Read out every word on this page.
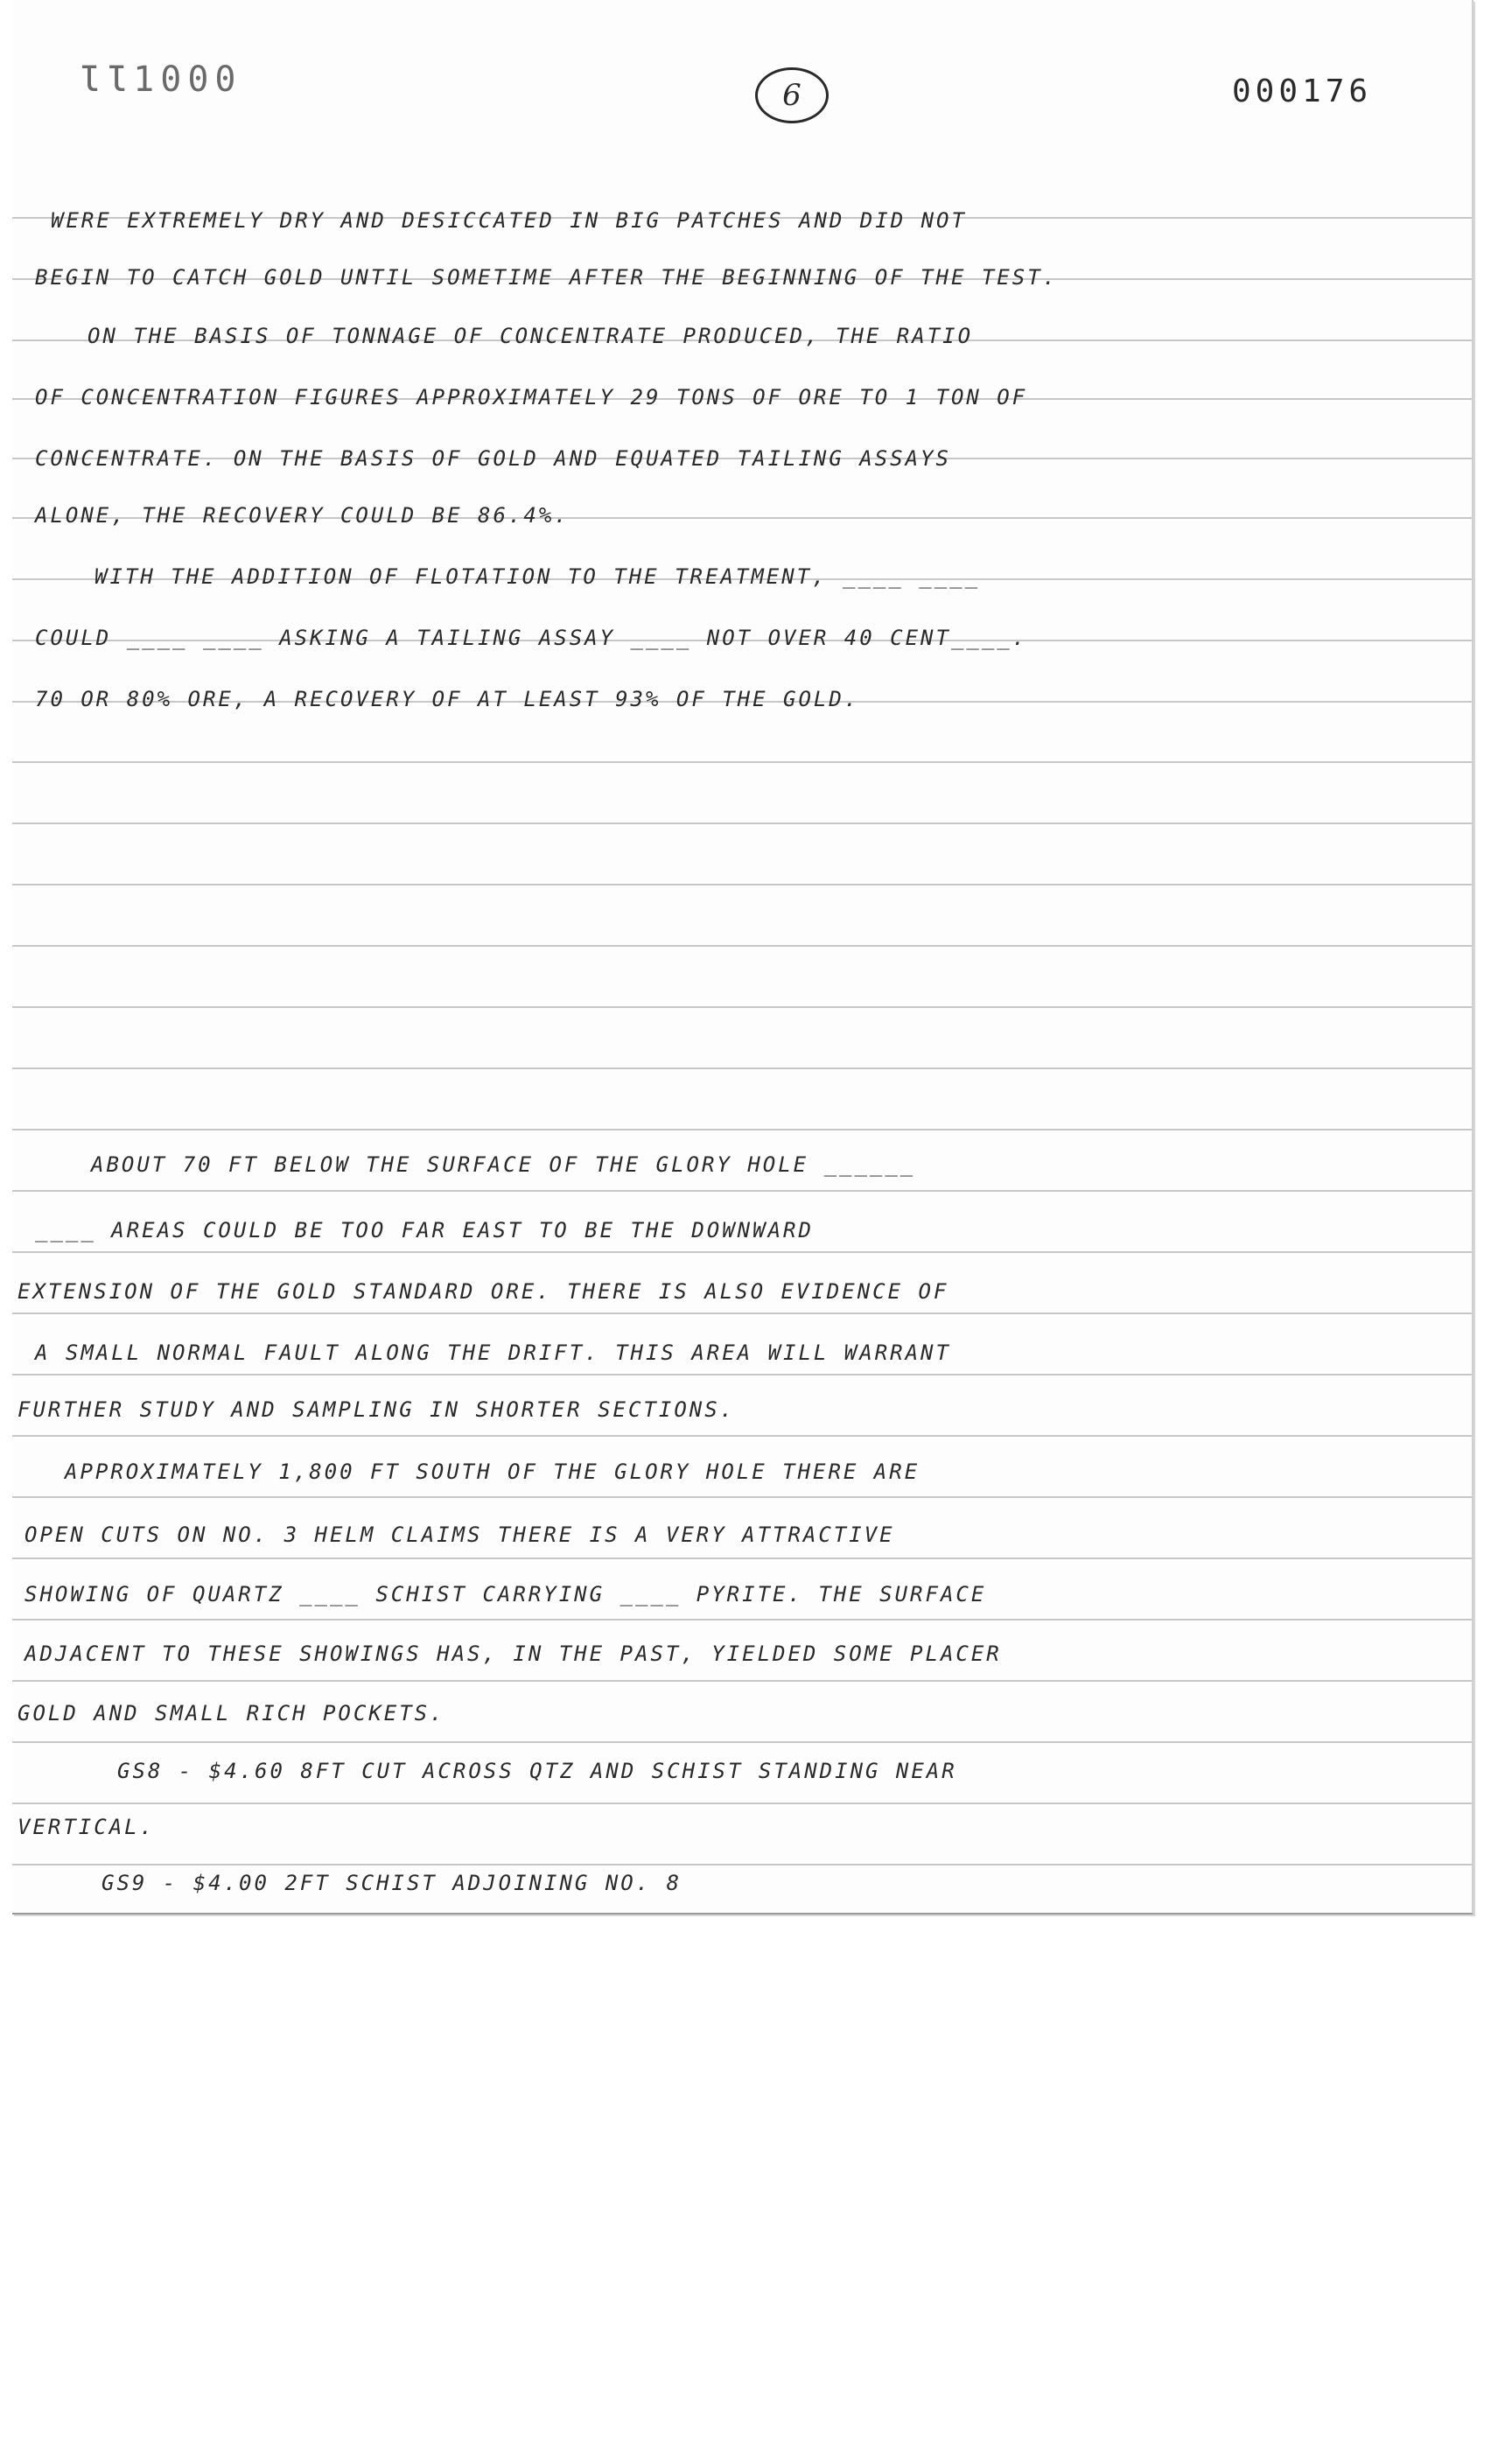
ƖƖ1000	6	000176
WERE EXTREMELY DRY AND DESICCATED IN BIG PATCHES AND DID NOT
BEGIN TO CATCH GOLD UNTIL SOMETIME AFTER THE BEGINNING OF THE TEST.
ON THE BASIS OF TONNAGE OF CONCENTRATE PRODUCED, THE RATIO
OF CONCENTRATION FIGURES APPROXIMATELY 29 TONS OF ORE TO 1 TON OF
CONCENTRATE. ON THE BASIS OF GOLD AND EQUATED TAILING ASSAYS
ALONE, THE RECOVERY COULD BE 86.4%.
WITH THE ADDITION OF FLOTATION TO THE TREATMENT, ____ ____
COULD ____ ____ ASKING A TAILING ASSAY ____ NOT OVER 40 CENT____.
70 OR 80% ORE, A RECOVERY OF AT LEAST 93% OF THE GOLD.
ABOUT 70 FT BELOW THE SURFACE OF THE GLORY HOLE ______
____ AREAS COULD BE TOO FAR EAST TO BE THE DOWNWARD
EXTENSION OF THE GOLD STANDARD ORE. THERE IS ALSO EVIDENCE OF
A SMALL NORMAL FAULT ALONG THE DRIFT. THIS AREA WILL WARRANT
FURTHER STUDY AND SAMPLING IN SHORTER SECTIONS.
APPROXIMATELY 1,800 FT SOUTH OF THE GLORY HOLE THERE ARE
OPEN CUTS ON NO. 3 HELM CLAIMS THERE IS A VERY ATTRACTIVE
SHOWING OF QUARTZ ____ SCHIST CARRYING ____ PYRITE. THE SURFACE
ADJACENT TO THESE SHOWINGS HAS, IN THE PAST, YIELDED SOME PLACER
GOLD AND SMALL RICH POCKETS.
GS8 - $4.60 8FT CUT ACROSS QTZ AND SCHIST STANDING NEAR
VERTICAL.
GS9 - $4.00 2FT SCHIST ADJOINING NO. 8
